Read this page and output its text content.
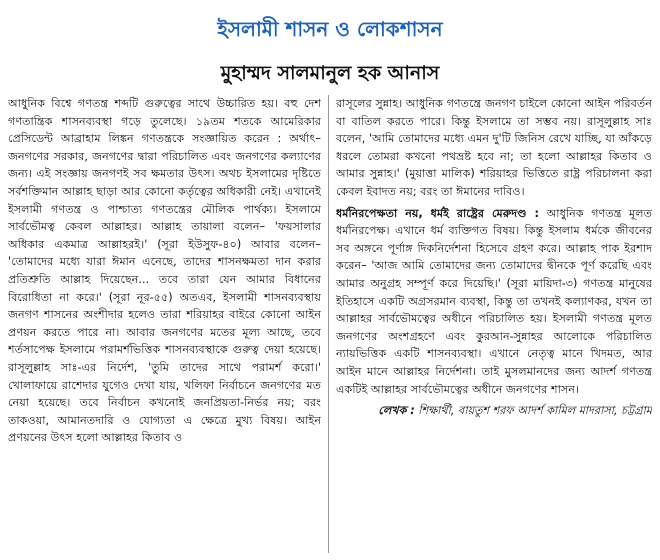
ইসলামী শাসন ও লোকশাসন
মুহাম্মদ সালমানুল হক আনাস

আধুনিক বিশ্বে গণতন্ত্র শব্দটি গুরুত্বের সাথে উচ্চারিত হয়। বহু দেশ গণতান্ত্রিক শাসনব্যবস্থা গড়ে তুলেছে। ১৯তম শতকে আমেরিকার প্রেসিডেন্ট আব্রাহাম লিঙ্কন গণতন্ত্রকে সংজ্ঞায়িত করেন : অর্থাৎ– জনগণের সরকার, জনগণের দ্বারা পরিচালিত এবং জনগণের কল্যাণের জন্য। এই সংজ্ঞায় জনগণই সব ক্ষমতার উৎস। অথচ ইসলামের দৃষ্টিতে সর্বশক্তিমান আল্লাহ ছাড়া আর কোনো কর্তৃত্বের অধিকারী নেই। এখানেই ইসলামী গণতন্ত্র ও পাশ্চাত্য গণতন্ত্রের মৌলিক পার্থক্য। ইসলামে সার্বভৌমত্ব কেবল আল্লাহর। আল্লাহ তায়ালা বলেন– 'ফয়সালার অধিকার একমাত্র আল্লাহরই।' (সূরা ইউসুফ-৪০) আবার বলেন– 'তোমাদের মধ্যে যারা ঈমান এনেছে, তাদের শাসনক্ষমতা দান করার প্রতিশ্রুতি আল্লাহ দিয়েছেন... তবে তারা যেন আমার বিধানের বিরোধিতা না করে।' (সূরা নূর-৫৫) অতএব, ইসলামী শাসনব্যবস্থায় জনগণ শাসনের অংশীদার হলেও তারা শরিয়াহর বাইরে কোনো আইন প্রণয়ন করতে পারে না। আবার জনগণের মতের মূল্য আছে, তবে শর্তসাপেক্ষ ইসলামে পরামর্শভিত্তিক শাসনব্যবস্থাকে গুরুত্ব দেয়া হয়েছে। রাসূলুল্লাহ সাঃ-এর নির্দেশ, 'তুমি তাদের সাথে পরামর্শ করো।' খোলাফায়ে রাশেদার যুগেও দেখা যায়, খলিফা নির্বাচনে জনগণের মত নেয়া হয়েছে। তবে নির্বাচন কখনোই জনপ্রিয়তা-নির্ভর নয়; বরং তাকওয়া, আমানতদারি ও যোগ্যতা এ ক্ষেত্রে মুখ্য বিষয়। আইন প্রণয়নের উৎস হলো আল্লাহর কিতাব ও

রাসূলের সুন্নাহ। আধুনিক গণতন্ত্রে জনগণ চাইলে কোনো আইন পরিবর্তন বা বাতিল করতে পারে। কিন্তু ইসলামে তা সম্ভব নয়। রাসূলুল্লাহ সাঃ বলেন, 'আমি তোমাদের মধ্যে এমন দু'টি জিনিস রেখে যাচ্ছি, যা আঁকড়ে ধরলে তোমরা কখনো পথভ্রষ্ট হবে না; তা হলো আল্লাহর কিতাব ও আমার সুন্নাহ।' (মুয়াত্তা মালিক) শরিয়াহর ভিত্তিতে রাষ্ট্র পরিচালনা করা কেবল ইবাদত নয়; বরং তা ঈমানের দাবিও।

ধর্মনিরপেক্ষতা নয়, ধর্মই রাষ্ট্রের মেরুদণ্ড : আধুনিক গণতন্ত্র মূলত ধর্মনিরপেক্ষ। এখানে ধর্ম ব্যক্তিগত বিষয়। কিন্তু ইসলাম ধর্মকে জীবনের সব অঙ্গনে পূর্ণাঙ্গ দিকনির্দেশনা হিসেবে গ্রহণ করে। আল্লাহ পাক ইরশাদ করেন– 'আজ আমি তোমাদের জন্য তোমাদের দ্বীনকে পূর্ণ করেছি এবং আমার অনুগ্রহ সম্পূর্ণ করে দিয়েছি।' (সূরা মায়িদা-৩) গণতন্ত্র মানুষের ইতিহাসে একটি অগ্রসরমান ব্যবস্থা, কিন্তু তা তখনই কল্যাণকর, যখন তা আল্লাহর সার্বভৌমত্বের অধীনে পরিচালিত হয়। ইসলামী গণতন্ত্র মূলত জনগণের অংশগ্রহণে এবং কুরআন-সুন্নাহর আলোকে পরিচালিত ন্যায়ভিত্তিক একটি শাসনব্যবস্থা। এখানে নেতৃত্ব মানে খিদমত, আর আইন মানে আল্লাহর নির্দেশনা। তাই মুসলমানদের জন্য আদর্শ গণতন্ত্র একটিই আল্লাহর সার্বভৌমত্বের অধীনে জনগণের শাসন।

লেখক : শিক্ষার্থী, বায়তুশ শরফ আদর্শ কামিল মাদরাসা, চট্টগ্রাম
